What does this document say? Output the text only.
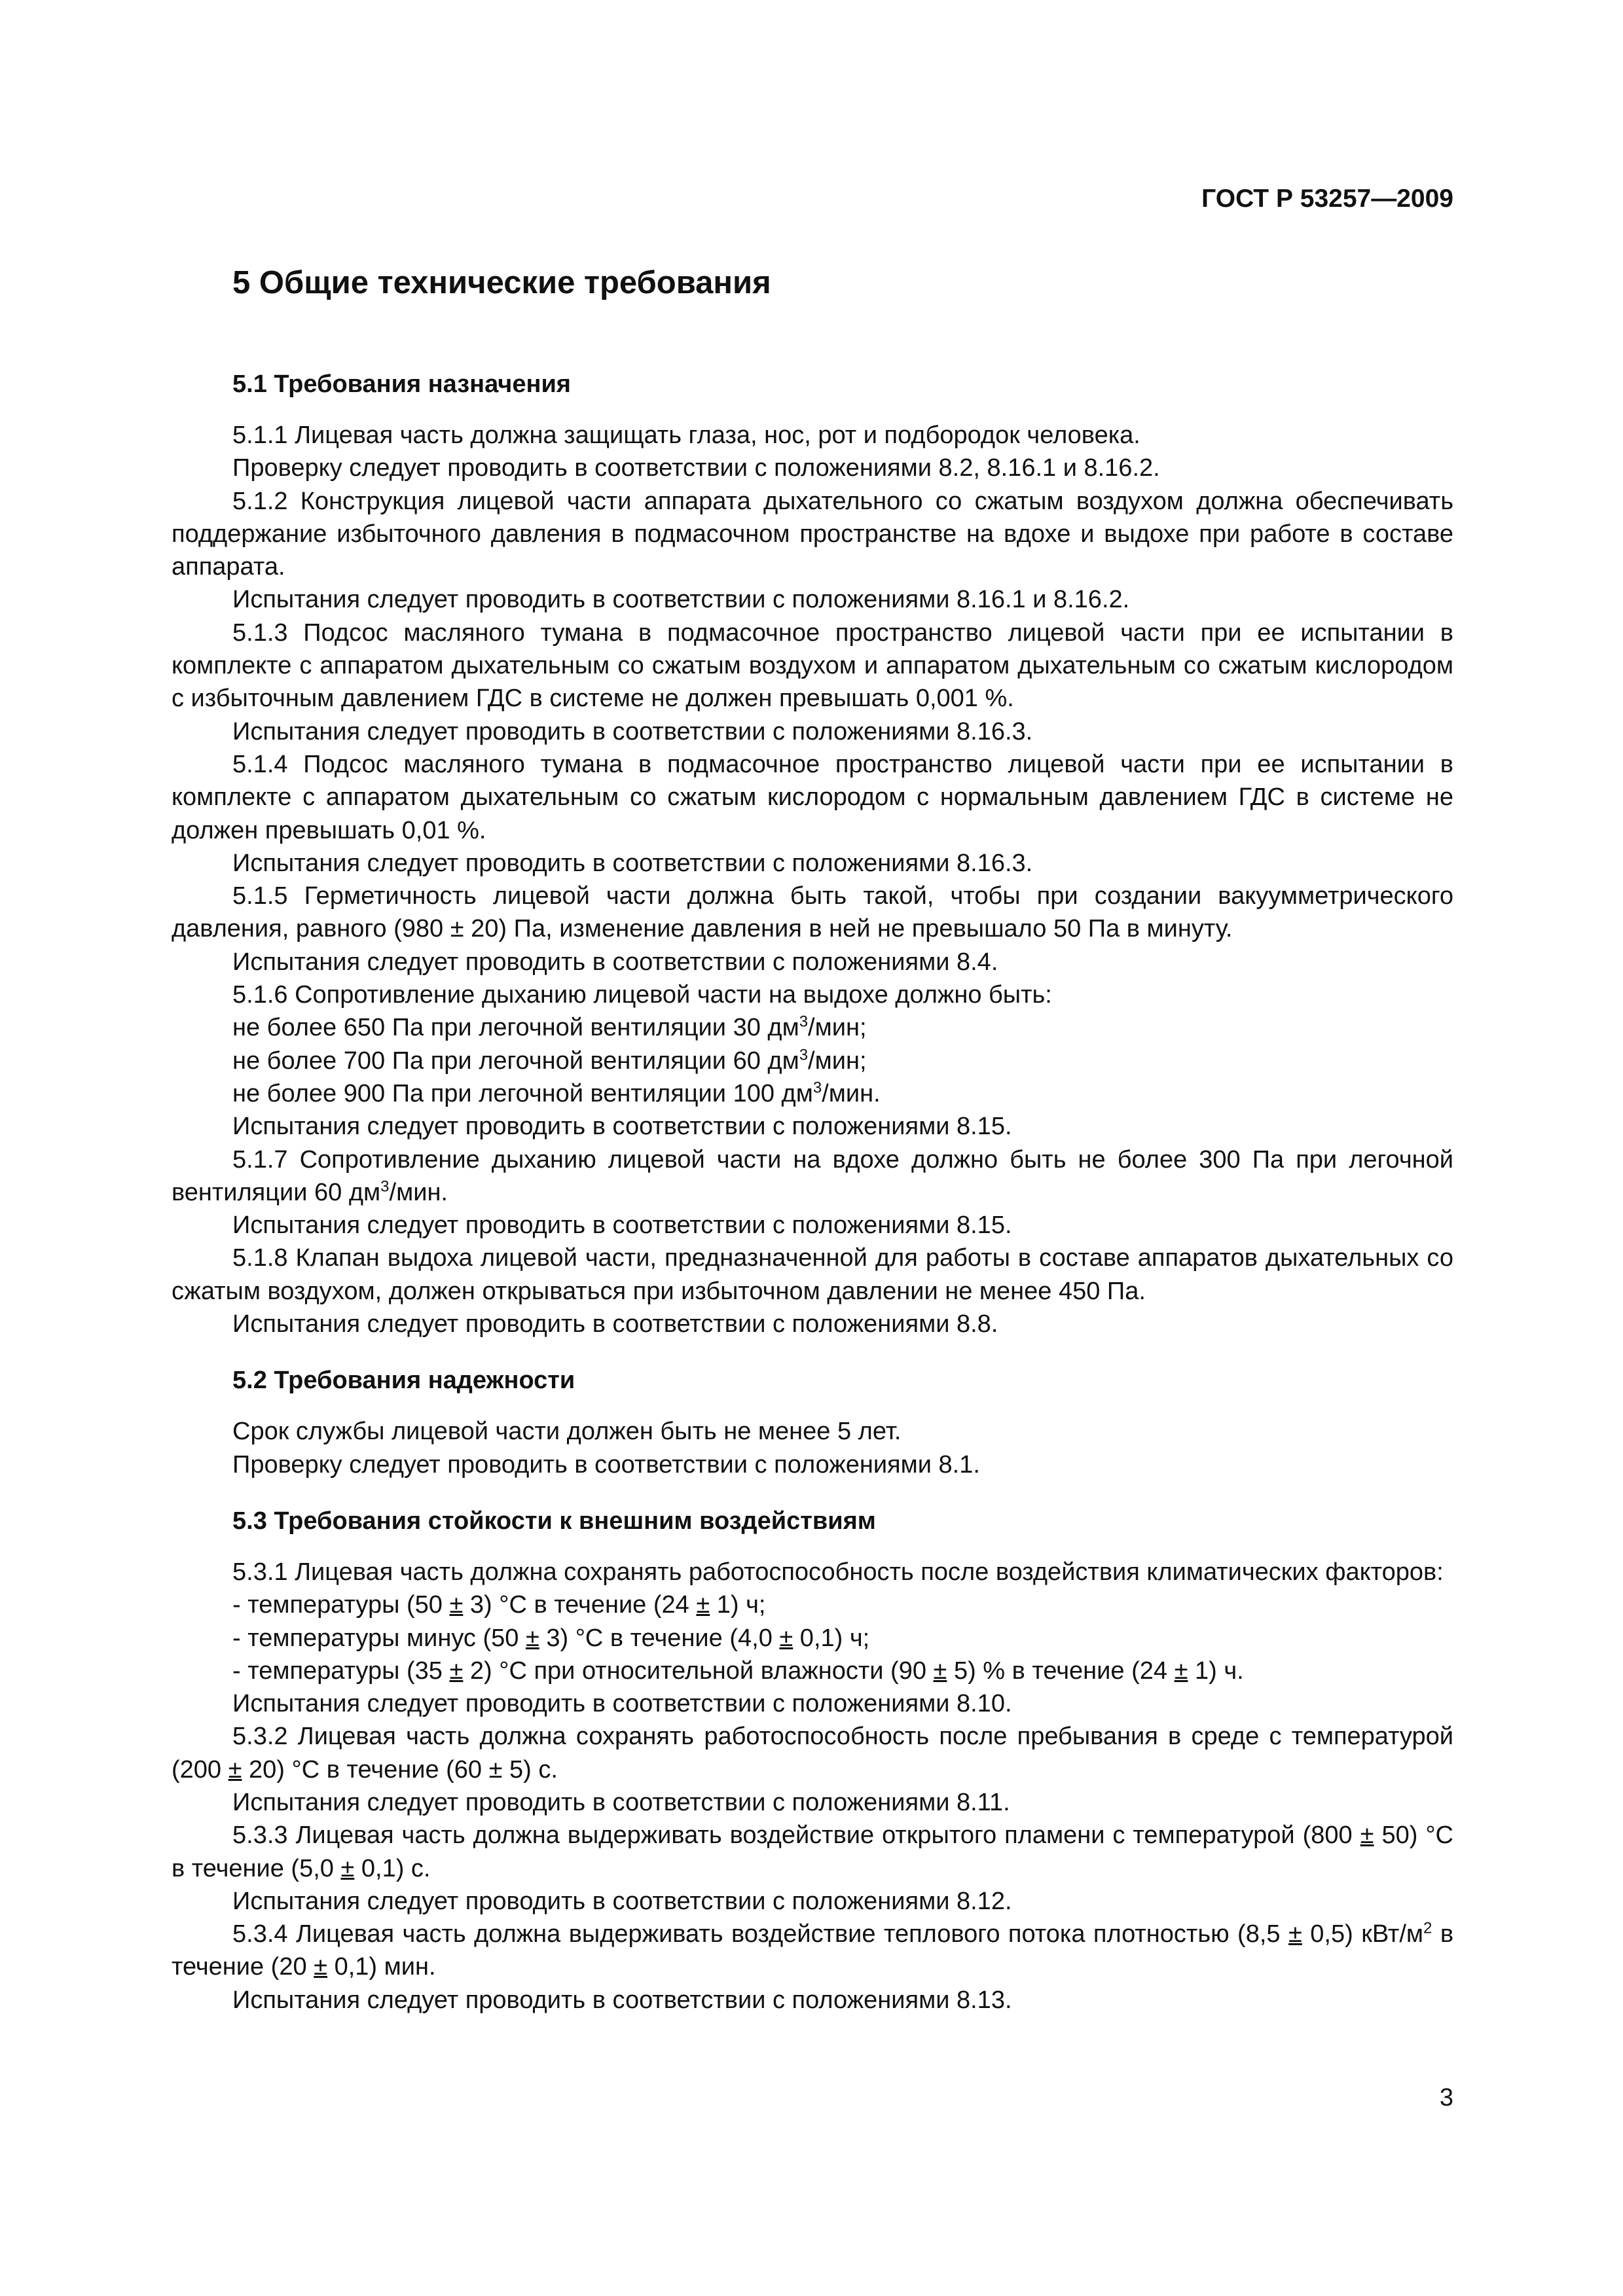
ГОСТ Р 53257—2009
5 Общие технические требования
5.1 Требования назначения

5.1.1 Лицевая часть должна защищать глаза, нос, рот и подбородок человека.

Проверку следует проводить в соответствии с положениями 8.2, 8.16.1 и 8.16.2.

5.1.2 Конструкция лицевой части аппарата дыхательного со сжатым воздухом должна обеспечивать поддержание избыточного давления в подмасочном пространстве на вдохе и выдохе при работе в составе аппарата.

Испытания следует проводить в соответствии с положениями 8.16.1 и 8.16.2.

5.1.3 Подсос масляного тумана в подмасочное пространство лицевой части при ее испытании в комплекте с аппаратом дыхательным со сжатым воздухом и аппаратом дыхательным со сжатым кислородом с избыточным давлением ГДС в системе не должен превышать 0,001 %.

Испытания следует проводить в соответствии с положениями 8.16.3.

5.1.4 Подсос масляного тумана в подмасочное пространство лицевой части при ее испытании в комплекте с аппаратом дыхательным со сжатым кислородом с нормальным давлением ГДС в системе не должен превышать 0,01 %.

Испытания следует проводить в соответствии с положениями 8.16.3.

5.1.5 Герметичность лицевой части должна быть такой, чтобы при создании вакуумметрического давления, равного (980 ± 20) Па, изменение давления в ней не превышало 50 Па в минуту.

Испытания следует проводить в соответствии с положениями 8.4.

5.1.6 Сопротивление дыханию лицевой части на выдохе должно быть:

не более 650 Па при легочной вентиляции 30 $дм^3$/мин;

не более 700 Па при легочной вентиляции 60 $дм^3$/мин;

не более 900 Па при легочной вентиляции 100 $дм^3$/мин.

Испытания следует проводить в соответствии с положениями 8.15.

5.1.7 Сопротивление дыханию лицевой части на вдохе должно быть не более 300 Па при легочной вентиляции 60 $дм^3$/мин.

Испытания следует проводить в соответствии с положениями 8.15.

5.1.8 Клапан выдоха лицевой части, предназначенной для работы в составе аппаратов дыхательных со сжатым воздухом, должен открываться при избыточном давлении не менее 450 Па.

Испытания следует проводить в соответствии с положениями 8.8.

5.2 Требования надежности

Срок службы лицевой части должен быть не менее 5 лет.

Проверку следует проводить в соответствии с положениями 8.1.

5.3 Требования стойкости к внешним воздействиям

5.3.1 Лицевая часть должна сохранять работоспособность после воздействия климатических факторов:

- температуры (50 ± 3) °С в течение (24 ± 1) ч;

- температуры минус (50 ± 3) °С в течение (4,0 ± 0,1) ч;

- температуры (35 ± 2) °С при относительной влажности (90 ± 5) % в течение (24 ± 1) ч.

Испытания следует проводить в соответствии с положениями 8.10.

5.3.2 Лицевая часть должна сохранять работоспособность после пребывания в среде с температурой (200 ± 20) °С в течение (60 ± 5) с.

Испытания следует проводить в соответствии с положениями 8.11.

5.3.3 Лицевая часть должна выдерживать воздействие открытого пламени с температурой (800 ± 50) °С в течение (5,0 ± 0,1) с.

Испытания следует проводить в соответствии с положениями 8.12.

5.3.4 Лицевая часть должна выдерживать воздействие теплового потока плотностью (8,5 ± 0,5) кВт/$м^2$ в течение (20 ± 0,1) мин.

Испытания следует проводить в соответствии с положениями 8.13.

3
